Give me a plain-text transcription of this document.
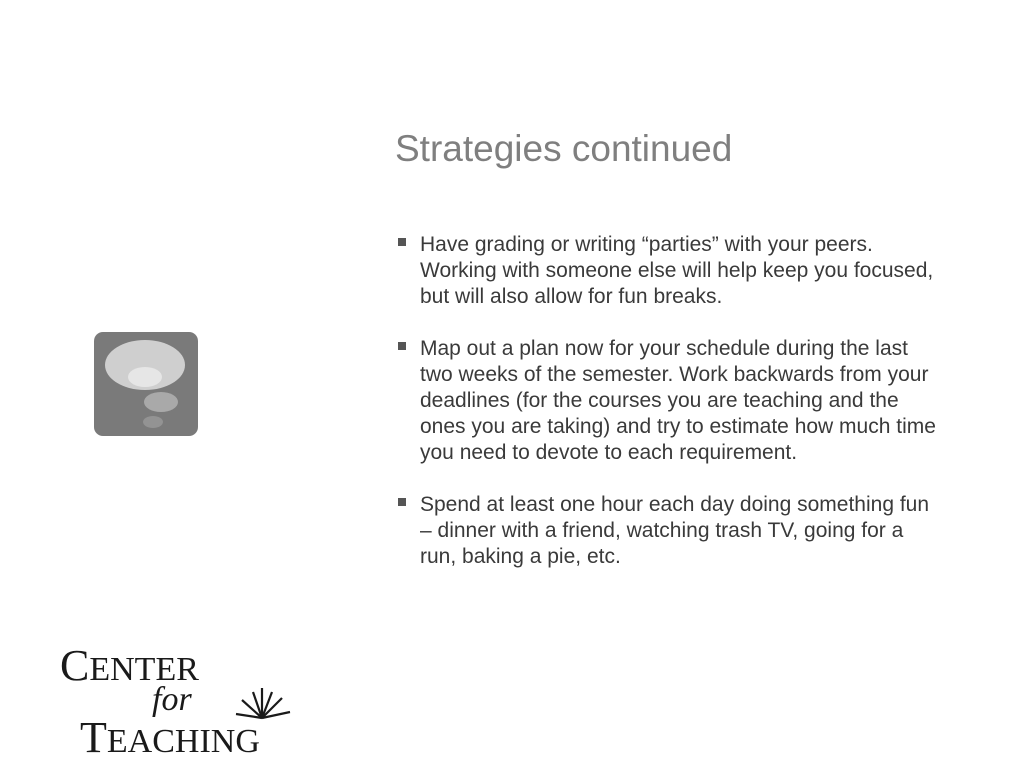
Strategies continued
Have grading or writing “parties” with your peers. Working with someone else will help keep you focused, but will also allow for fun breaks.
Map out a plan now for your schedule during the last two weeks of the semester. Work backwards from your deadlines (for the courses you are teaching and the ones you are taking) and try to estimate how much time you need to devote to each requirement.
Spend at least one hour each day doing something fun – dinner with a friend, watching trash TV, going for a run, baking a pie, etc.
CENTER
for
TEACHING
